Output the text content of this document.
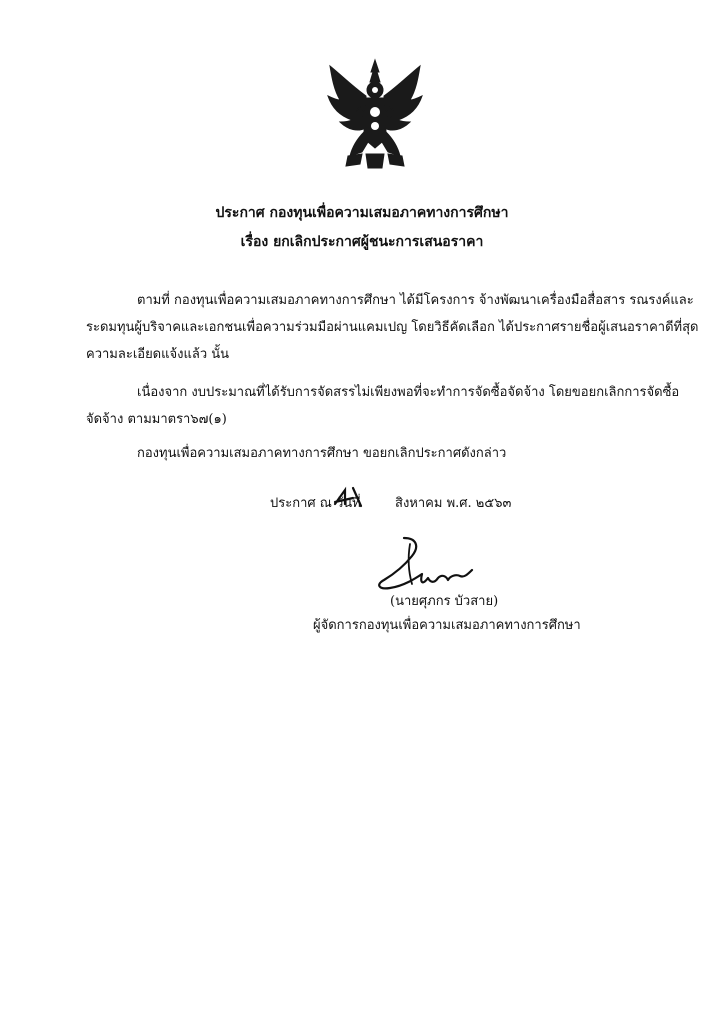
ประกาศ กองทุนเพื่อความเสมอภาคทางการศึกษา
เรื่อง ยกเลิกประกาศผู้ชนะการเสนอราคา
ตามที่ กองทุนเพื่อความเสมอภาคทางการศึกษา ได้มีโครงการ จ้างพัฒนาเครื่องมือสื่อสาร รณรงค์และ
ระดมทุนผู้บริจาคและเอกชนเพื่อความร่วมมือผ่านแคมเปญ โดยวิธีคัดเลือก ได้ประกาศรายชื่อผู้เสนอราคาดีที่สุด
ความละเอียดแจ้งแล้ว นั้น
เนื่องจาก งบประมาณที่ได้รับการจัดสรรไม่เพียงพอที่จะทำการจัดซื้อจัดจ้าง โดยขอยกเลิกการจัดซื้อ
จัดจ้าง ตามมาตรา๖๗(๑)
กองทุนเพื่อความเสมอภาคทางการศึกษา ขอยกเลิกประกาศดังกล่าว
ประกาศ ณ วันที่	สิงหาคม พ.ศ. ๒๕๖๓
(นายศุภกร บัวสาย)
ผู้จัดการกองทุนเพื่อความเสมอภาคทางการศึกษา
